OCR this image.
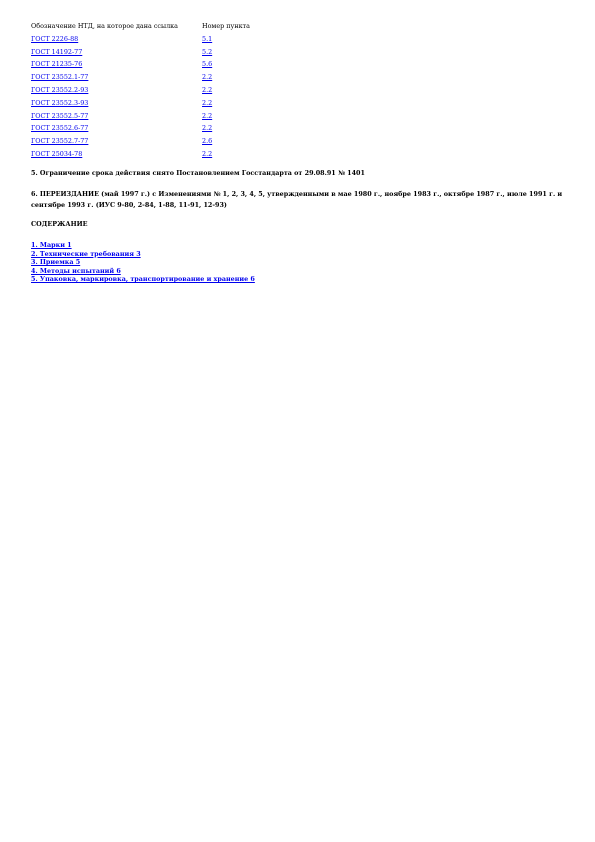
Обозначение НТД, на которое дана ссылка	Номер пункта
ГОСТ 2226-88	5.1
ГОСТ 14192-77	5.2
ГОСТ 21235-76	5.6
ГОСТ 23552.1-77	2.2
ГОСТ 23552.2-93	2.2
ГОСТ 23552.3-93	2.2
ГОСТ 23552.5-77	2.2
ГОСТ 23552.6-77	2.2
ГОСТ 23552.7-77	2.6
ГОСТ 25034-78	2.2

5. Ограничение срока действия снято Постановлением Госстандарта от 29.08.91 № 1401

6. ПЕРЕИЗДАНИЕ (май 1997 г.) с Изменениями № 1, 2, 3, 4, 5, утвержденными в мае 1980 г., ноябре 1983 г., октябре 1987 г., июле 1991 г. и сентябре 1993 г. (ИУС 9-80, 2-84, 1-88, 11-91, 12-93)

СОДЕРЖАНИЕ
1. Марки 1
2. Технические требования 3
3. Приемка 5
4. Методы испытаний 6
5. Упаковка, маркировка, транспортирование и хранение 6
